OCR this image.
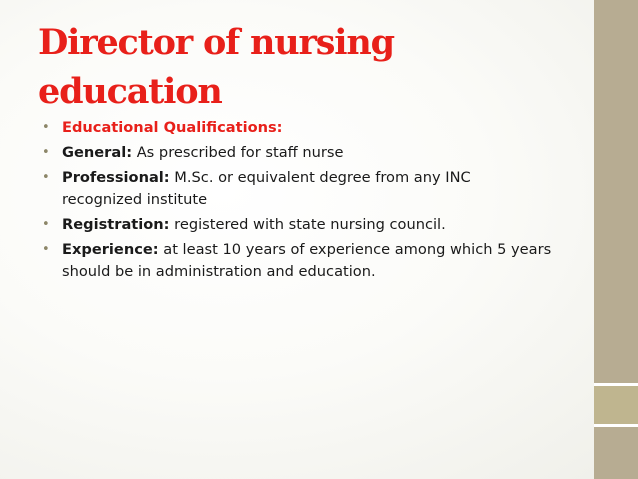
Director of nursing education
• Educational Qualifications:
• General: As prescribed for staff nurse
• Professional: M.Sc. or equivalent degree from any INC recognized institute
• Registration: registered with state nursing council.
• Experience: at least 10 years of experience among which 5 years should be in administration and education.
